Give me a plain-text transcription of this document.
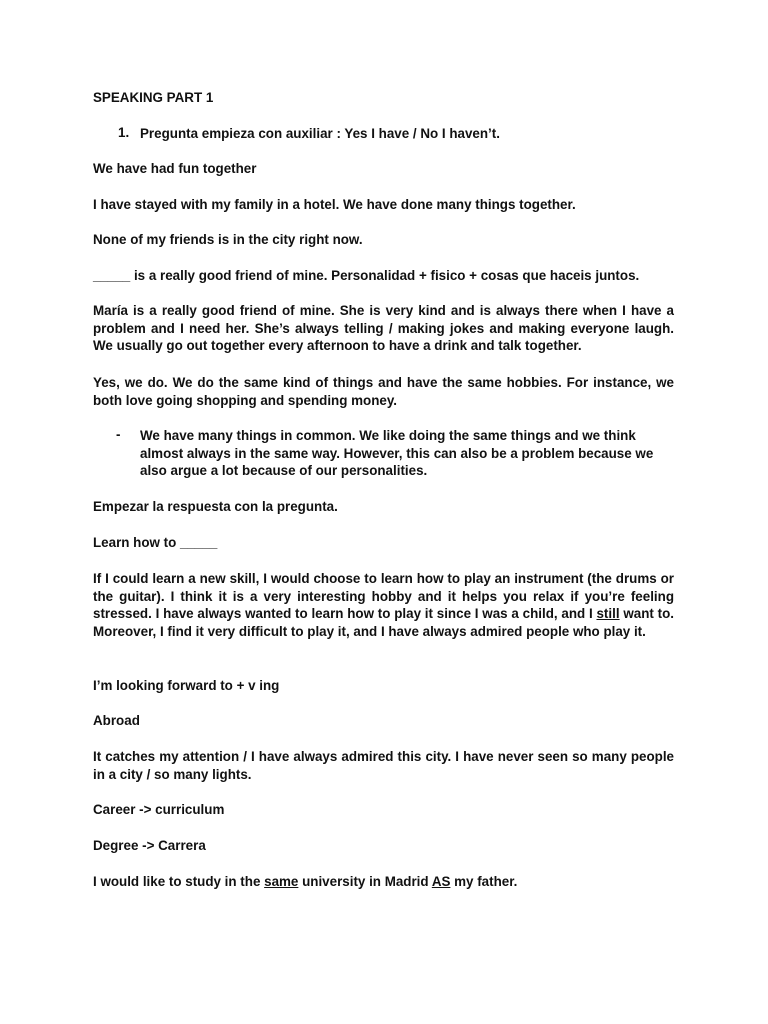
SPEAKING PART 1

1. Pregunta empieza con auxiliar : Yes I have / No I haven’t.

We have had fun together

I have stayed with my family in a hotel. We have done many things together.

None of my friends is in the city right now.

_____ is a really good friend of mine. Personalidad + fisico + cosas que haceis juntos.

María is a really good friend of mine. She is very kind and is always there when I have a problem and I need her. She’s always telling / making jokes and making everyone laugh. We usually go out together every afternoon to have a drink and talk together.

Yes, we do. We do the same kind of things and have the same hobbies. For instance, we both love going shopping and spending money.

- We have many things in common. We like doing the same things and we think almost always in the same way. However, this can also be a problem because we also argue a lot because of our personalities.

Empezar la respuesta con la pregunta.

Learn how to _____

If I could learn a new skill, I would choose to learn how to play an instrument (the drums or the guitar). I think it is a very interesting hobby and it helps you relax if you’re feeling stressed. I have always wanted to learn how to play it since I was a child, and I still want to. Moreover, I find it very difficult to play it, and I have always admired people who play it.

I’m looking forward to + v ing

Abroad

It catches my attention / I have always admired this city. I have never seen so many people in a city / so many lights.

Career -> curriculum

Degree -> Carrera

I would like to study in the same university in Madrid AS my father.
